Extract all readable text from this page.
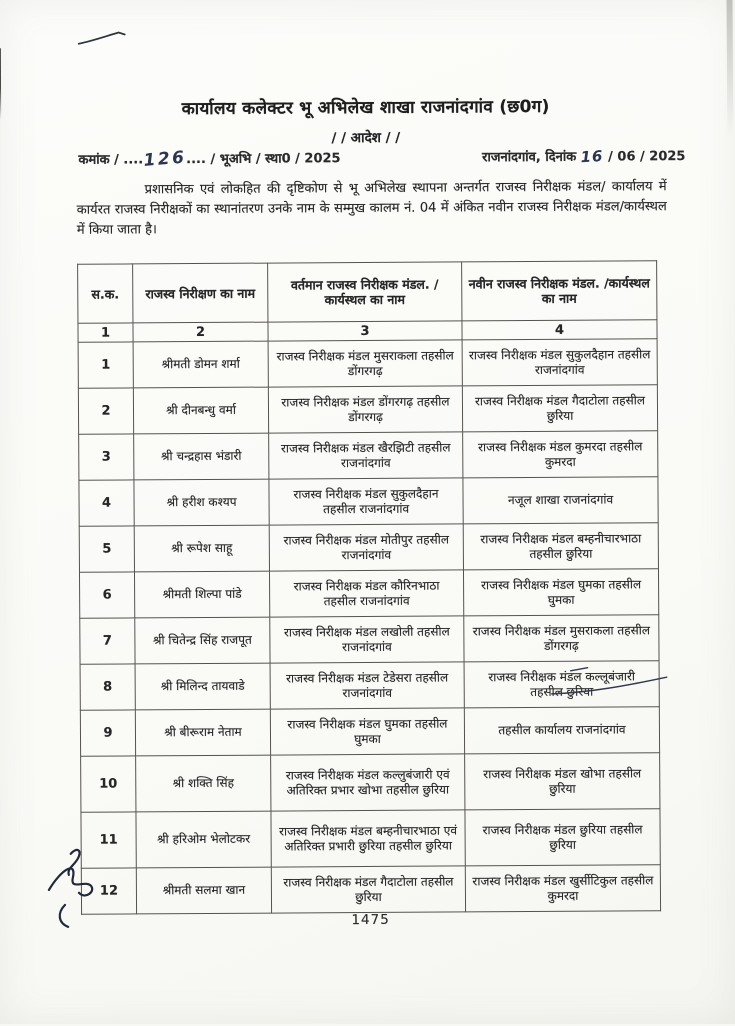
कार्यालय कलेक्टर भू अभिलेख शाखा राजनांदगांव (छ0ग)
/ / आदेश / /
कमांक / ....126.... / भूअभि / स्था0 / 2025	राजनांदगांव, दिनांक 16 / 06 / 2025
प्रशासनिक एवं लोकहित की दृष्टिकोण से भू अभिलेख स्थापना अन्तर्गत राजस्व निरीक्षक मंडल/ कार्यालय में कार्यरत राजस्व निरीक्षकों का स्थानांतरण उनके नाम के सम्मुख कालम नं. 04 में अंकित नवीन राजस्व निरीक्षक मंडल/कार्यस्थल में किया जाता है।
स.क.	राजस्व निरीक्षण का नाम	वर्तमान राजस्व निरीक्षक मंडल. /कार्यस्थल का नाम	नवीन राजस्व निरीक्षक मंडल. /कार्यस्थल का नाम
1	2	3	4
1	श्रीमती डोमन शर्मा	राजस्व निरीक्षक मंडल मुसराकला तहसील डोंगरगढ़	राजस्व निरीक्षक मंडल सुकुलदैहान तहसील राजनांदगांव
2	श्री दीनबन्धु वर्मा	राजस्व निरीक्षक मंडल डोंगरगढ़ तहसील डोंगरगढ़	राजस्व निरीक्षक मंडल गैदाटोला तहसील छुरिया
3	श्री चन्द्रहास भंडारी	राजस्व निरीक्षक मंडल खैरझिटी तहसील राजनांदगांव	राजस्व निरीक्षक मंडल कुमरदा तहसील कुमरदा
4	श्री हरीश कश्यप	राजस्व निरीक्षक मंडल सुकुलदैहान तहसील राजनांदगांव	नजूल शाखा राजनांदगांव
5	श्री रूपेश साहू	राजस्व निरीक्षक मंडल मोतीपुर तहसील राजनांदगांव	राजस्व निरीक्षक मंडल बम्हनीचारभाठा तहसील छुरिया
6	श्रीमती शिल्पा पांडे	राजस्व निरीक्षक मंडल कौरिनभाठा तहसील राजनांदगांव	राजस्व निरीक्षक मंडल घुमका तहसील घुमका
7	श्री चितेन्द्र सिंह राजपूत	राजस्व निरीक्षक मंडल लखोली तहसील राजनांदगांव	राजस्व निरीक्षक मंडल मुसराकला तहसील डोंगरगढ़
8	श्री मिलिन्द तायवाडे	राजस्व निरीक्षक मंडल टेडेसरा तहसील राजनांदगांव	राजस्व निरीक्षक मंडल कल्लूबंजारी तहसील छुरिया
9	श्री बीरूराम नेताम	राजस्व निरीक्षक मंडल घुमका तहसील घुमका	तहसील कार्यालय राजनांदगांव
10	श्री शक्ति सिंह	राजस्व निरीक्षक मंडल कल्लुबंजारी एवं अतिरिक्त प्रभार खोभा तहसील छुरिया	राजस्व निरीक्षक मंडल खोभा तहसील छुरिया
11	श्री हरिओम भेलोटकर	राजस्व निरीक्षक मंडल बम्हनीचारभाठा एवं अतिरिक्त प्रभारी छुरिया तहसील छुरिया	राजस्व निरीक्षक मंडल छुरिया तहसील छुरिया
12	श्रीमती सलमा खान	राजस्व निरीक्षक मंडल गैदाटोला तहसील छुरिया	राजस्व निरीक्षक मंडल खुर्सीटिकुल तहसील कुमरदा
1475
